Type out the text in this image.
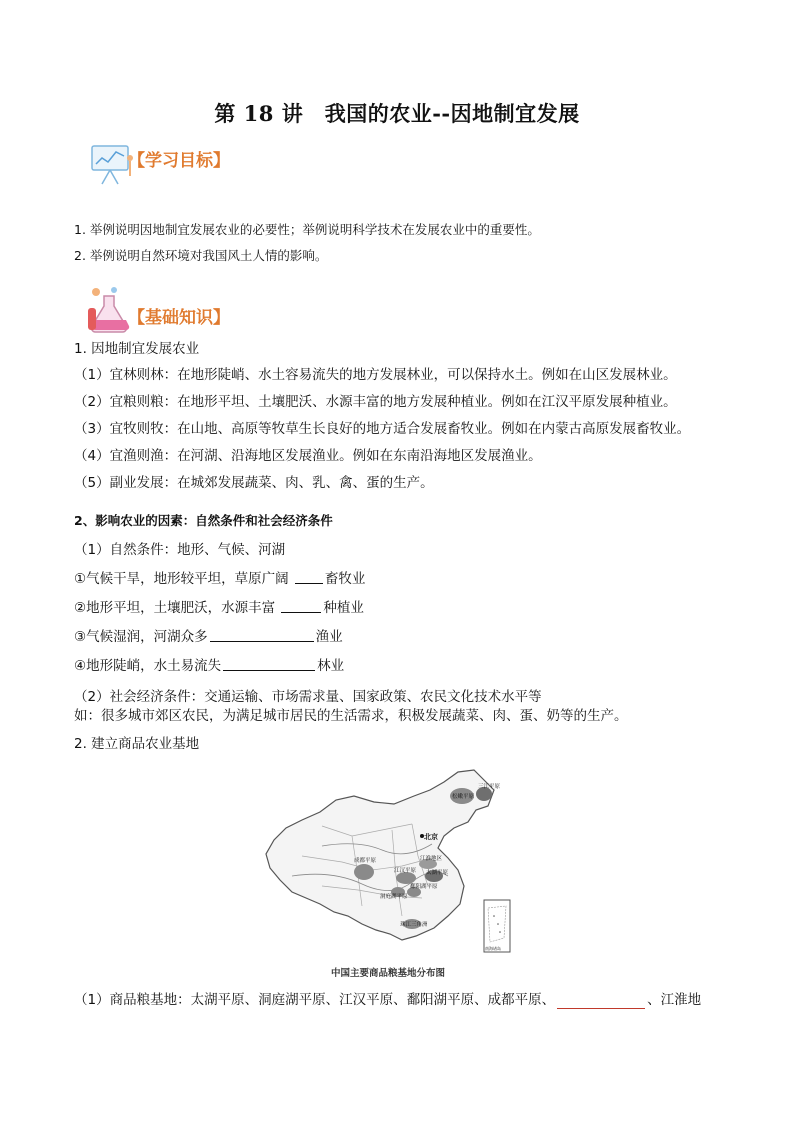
第 18 讲　我国的农业--因地制宜发展
【学习目标】
1. 举例说明因地制宜发展农业的必要性；举例说明科学技术在发展农业中的重要性。
2. 举例说明自然环境对我国风土人情的影响。
【基础知识】
1. 因地制宜发展农业
（1）宜林则林：在地形陡峭、水土容易流失的地方发展林业，可以保持水土。例如在山区发展林业。
（2）宜粮则粮：在地形平坦、土壤肥沃、水源丰富的地方发展种植业。例如在江汉平原发展种植业。
（3）宜牧则牧：在山地、高原等牧草生长良好的地方适合发展畜牧业。例如在内蒙古高原发展畜牧业。
（4）宜渔则渔：在河湖、沿海地区发展渔业。例如在东南沿海地区发展渔业。
（5）副业发展：在城郊发展蔬菜、肉、乳、禽、蛋的生产。
2、影响农业的因素：自然条件和社会经济条件
（1）自然条件：地形、气候、河湖
①气候干旱，地形较平坦，草原广阔 畜牧业
②地形平坦，土壤肥沃，水源丰富	种植业
③气候湿润，河湖众多	渔业
④地形陡峭，水土易流失	林业
（2）社会经济条件：交通运输、市场需求量、国家政策、农民文化技术水平等
如：很多城市郊区农民，为满足城市居民的生活需求，积极发展蔬菜、肉、蛋、奶等的生产。
2. 建立商品农业基地
三江平原
松嫩平原
北京
成都平原	江淮地区
江汉平原 太湖平原
鄱阳湖平原
洞庭湖平原
珠江三角洲
南海诸岛
中国主要商品粮基地分布图
（1）商品粮基地：太湖平原、洞庭湖平原、江汉平原、鄱阳湖平原、成都平原、	、江淮地
